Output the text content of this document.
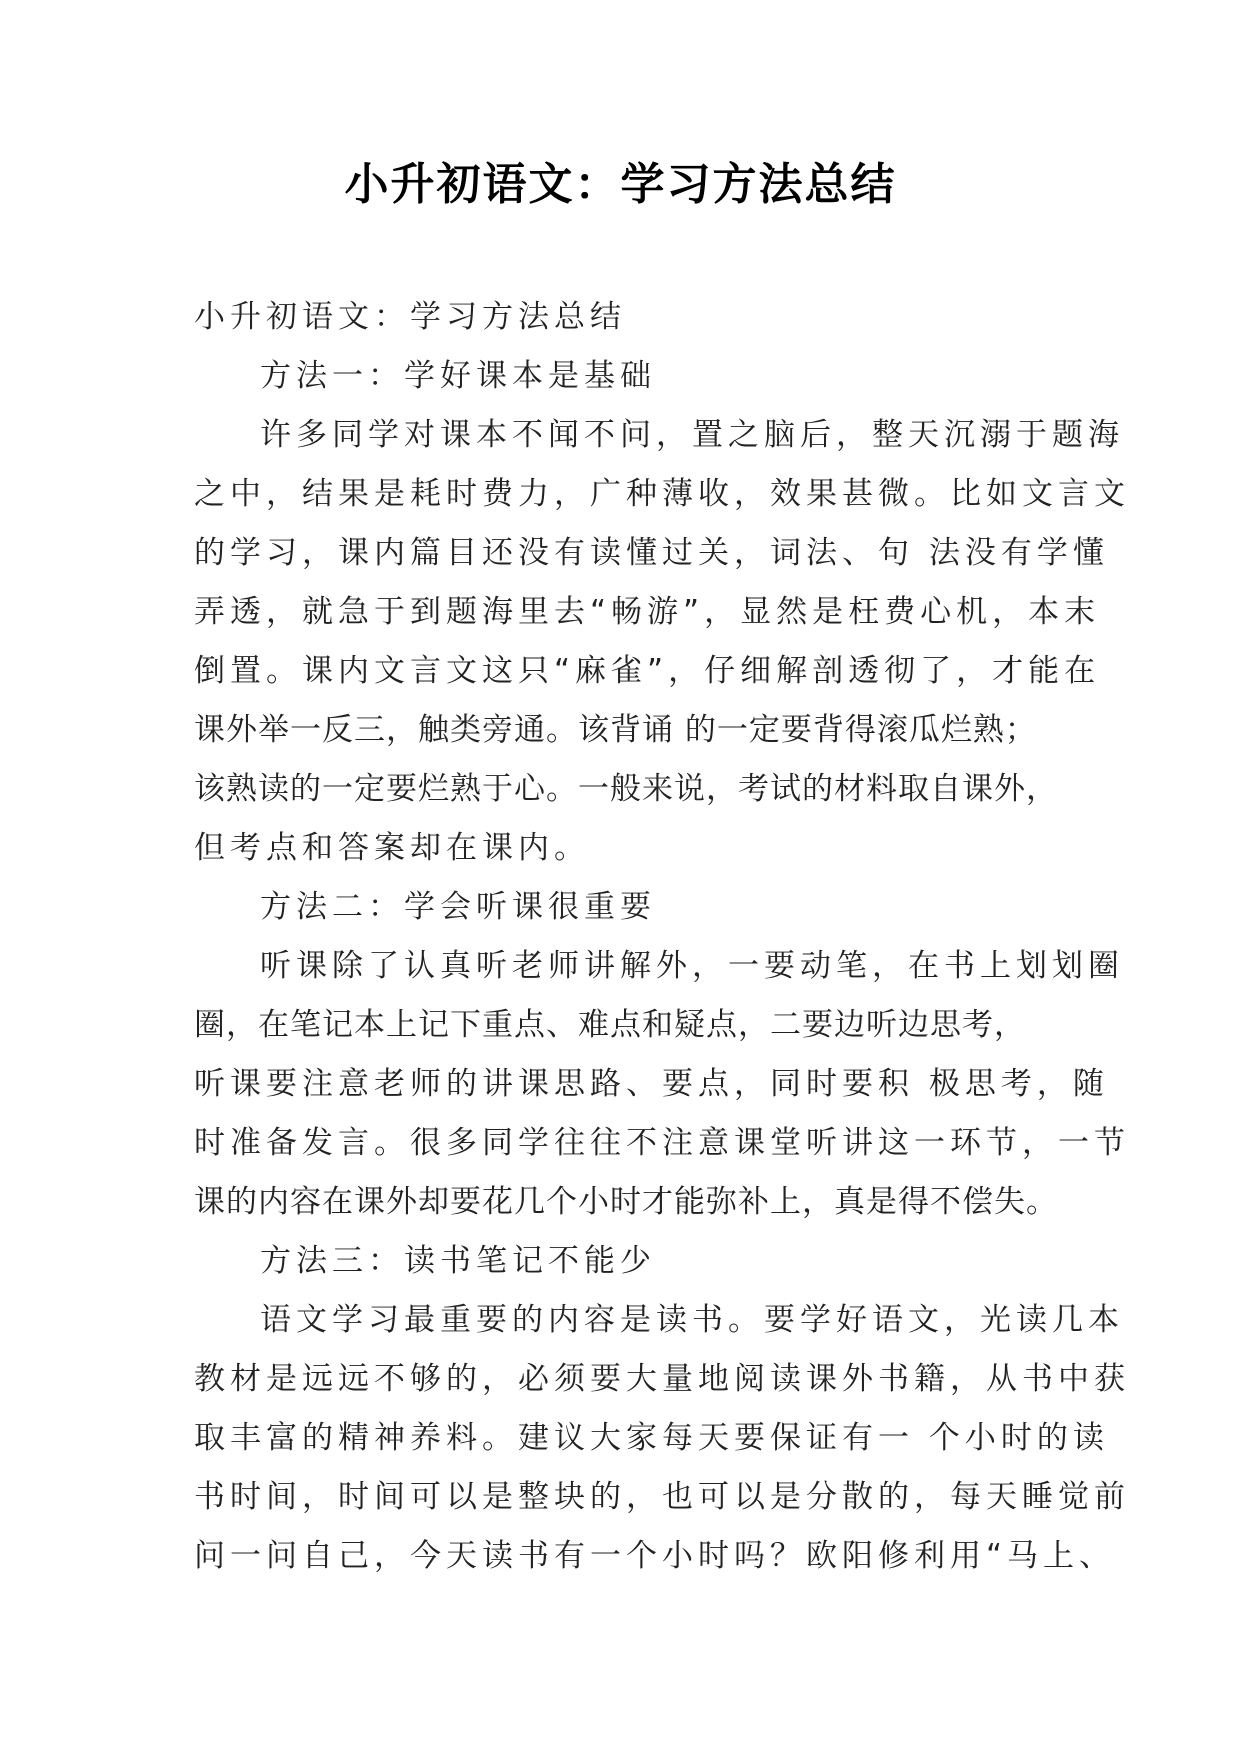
小升初语文：学习方法总结
小升初语文：学习方法总结
方法一：学好课本是基础
许多同学对课本不闻不问，置之脑后，整天沉溺于题海
之中，结果是耗时费力，广种薄收，效果甚微。比如文言文
的学习，课内篇目还没有读懂过关，词法、句 法没有学懂
弄透，就急于到题海里去“畅游”，显然是枉费心机，本末
倒置。课内文言文这只“麻雀”，仔细解剖透彻了，才能在
课外举一反三，触类旁通。该背诵 的一定要背得滚瓜烂熟；
该熟读的一定要烂熟于心。一般来说，考试的材料取自课外，
但考点和答案却在课内。
方法二：学会听课很重要
听课除了认真听老师讲解外，一要动笔，在书上划划圈
圈，在笔记本上记下重点、难点和疑点，二要边听边思考，
听课要注意老师的讲课思路、要点，同时要积 极思考，随
时准备发言。很多同学往往不注意课堂听讲这一环节，一节
课的内容在课外却要花几个小时才能弥补上，真是得不偿失。
方法三：读书笔记不能少
语文学习最重要的内容是读书。要学好语文，光读几本
教材是远远不够的，必须要大量地阅读课外书籍，从书中获
取丰富的精神养料。建议大家每天要保证有一 个小时的读
书时间，时间可以是整块的，也可以是分散的，每天睡觉前
问一问自己，今天读书有一个小时吗？欧阳修利用“马上、
